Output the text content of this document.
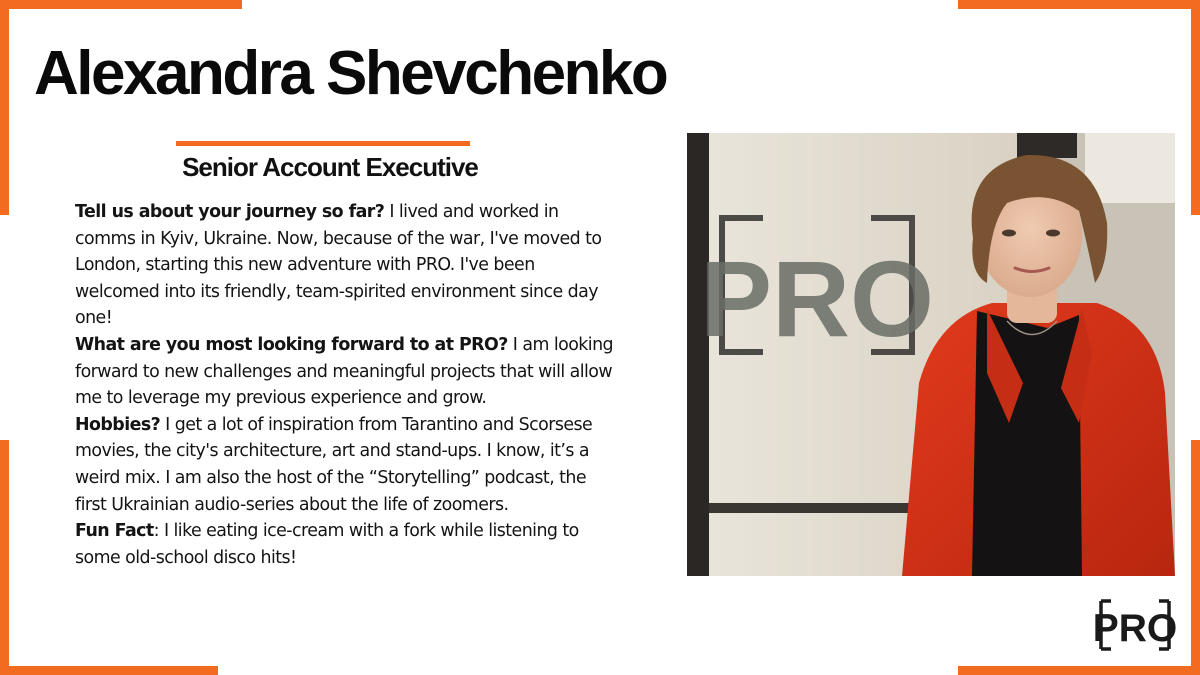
Alexandra Shevchenko
Senior Account Executive

Tell us about your journey so far? I lived and worked in comms in Kyiv, Ukraine. Now, because of the war, I've moved to London, starting this new adventure with PRO. I've been welcomed into its friendly, team-spirited environment since day one!

What are you most looking forward to at PRO? I am looking forward to new challenges and meaningful projects that will allow me to leverage my previous experience and grow.

Hobbies? I get a lot of inspiration from Tarantino and Scorsese movies, the city's architecture, art and stand-ups. I know, it’s a weird mix. I am also the host of the “Storytelling” podcast, the first Ukrainian audio-series about the life of zoomers.

Fun Fact: I like eating ice-cream with a fork while listening to some old-school disco hits!

PRO
PRO
